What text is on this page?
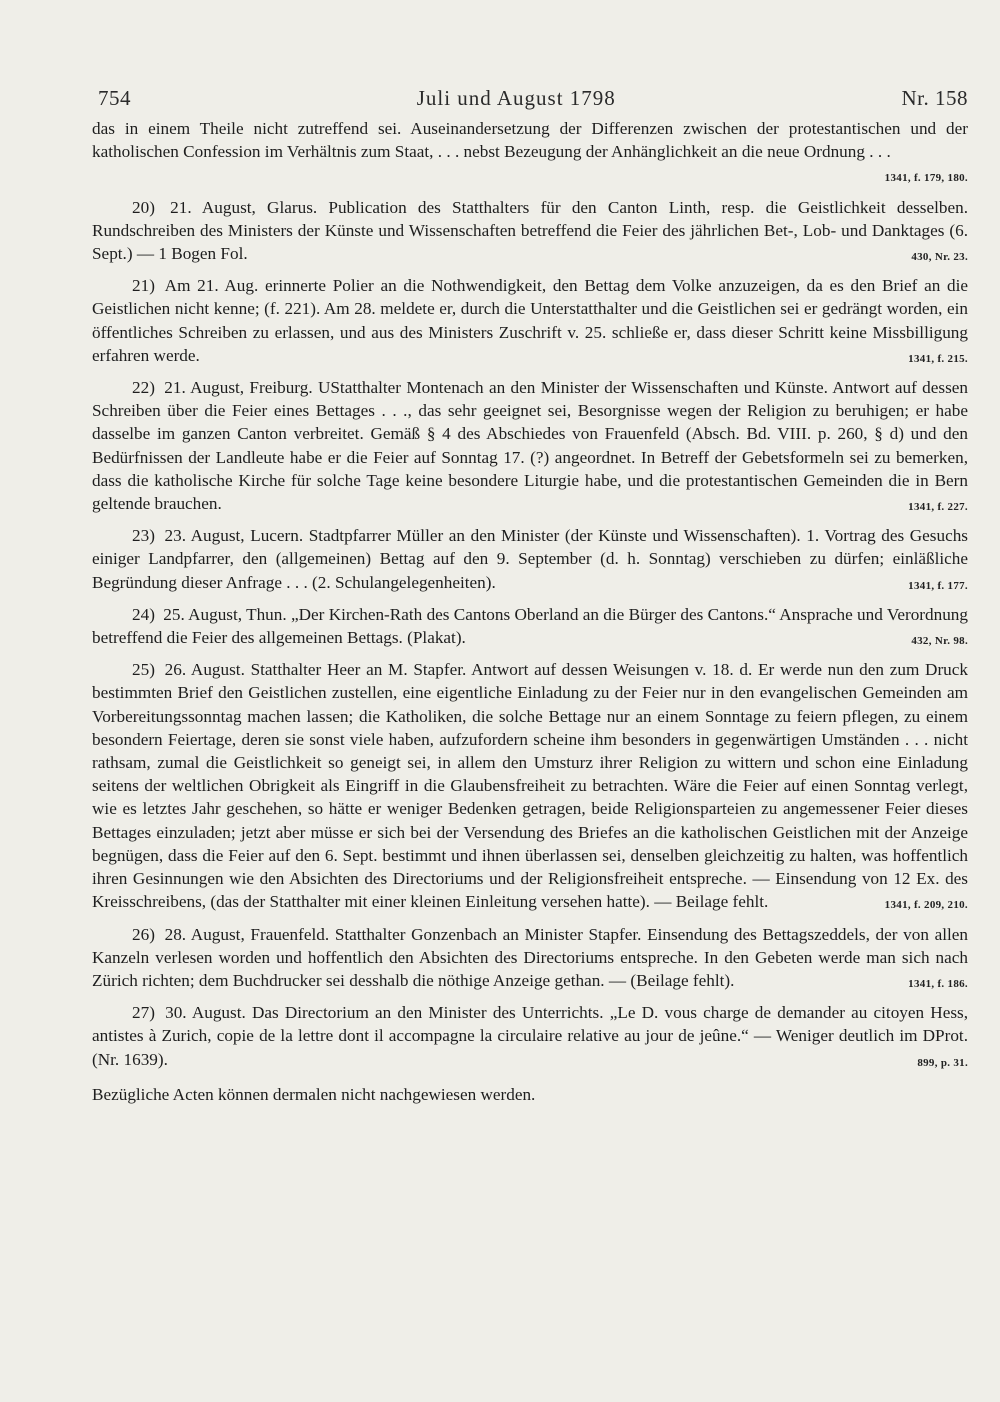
754	Juli und August 1798	Nr. 158
das in einem Theile nicht zutreffend sei. Auseinandersetzung der Differenzen zwischen der protestantischen und der katholischen Confession im Verhältnis zum Staat, . . . nebst Bezeugung der Anhänglichkeit an die neue Ordnung . . .
1341, f. 179, 180.
20) 21. August, Glarus. Publication des Statthalters für den Canton Linth, resp. die Geistlichkeit desselben. Rundschreiben des Ministers der Künste und Wissenschaften betreffend die Feier des jährlichen Bet-, Lob- und Danktages (6. Sept.) — 1 Bogen Fol.	430, Nr. 23.
21) Am 21. Aug. erinnerte Polier an die Nothwendigkeit, den Bettag dem Volke anzuzeigen, da es den Brief an die Geistlichen nicht kenne; (f. 221). Am 28. meldete er, durch die Unterstatthalter und die Geistlichen sei er gedrängt worden, ein öffentliches Schreiben zu erlassen, und aus des Ministers Zuschrift v. 25. schließe er, dass dieser Schritt keine Missbilligung erfahren werde.	1341, f. 215.
22) 21. August, Freiburg. UStatthalter Montenach an den Minister der Wissenschaften und Künste. Antwort auf dessen Schreiben über die Feier eines Bettages . . ., das sehr geeignet sei, Besorgnisse wegen der Religion zu beruhigen; er habe dasselbe im ganzen Canton verbreitet. Gemäß § 4 des Abschiedes von Frauenfeld (Absch. Bd. VIII. p. 260, § d) und den Bedürfnissen der Landleute habe er die Feier auf Sonntag 17. (?) angeordnet. In Betreff der Gebetsformeln sei zu bemerken, dass die katholische Kirche für solche Tage keine besondere Liturgie habe, und die protestantischen Gemeinden die in Bern geltende brauchen.	1341, f. 227.
23) 23. August, Lucern. Stadtpfarrer Müller an den Minister (der Künste und Wissenschaften). 1. Vortrag des Gesuchs einiger Landpfarrer, den (allgemeinen) Bettag auf den 9. September (d. h. Sonntag) verschieben zu dürfen; einläßliche Begründung dieser Anfrage . . . (2. Schulangelegenheiten).	1341, f. 177.
24) 25. August, Thun. „Der Kirchen-Rath des Cantons Oberland an die Bürger des Cantons.“ Ansprache und Verordnung betreffend die Feier des allgemeinen Bettags. (Plakat).	432, Nr. 98.
25) 26. August. Statthalter Heer an M. Stapfer. Antwort auf dessen Weisungen v. 18. d. Er werde nun den zum Druck bestimmten Brief den Geistlichen zustellen, eine eigentliche Einladung zu der Feier nur in den evangelischen Gemeinden am Vorbereitungssonntag machen lassen; die Katholiken, die solche Bettage nur an einem Sonntage zu feiern pflegen, zu einem besondern Feiertage, deren sie sonst viele haben, aufzufordern scheine ihm besonders in gegenwärtigen Umständen . . . nicht rathsam, zumal die Geistlichkeit so geneigt sei, in allem den Umsturz ihrer Religion zu wittern und schon eine Einladung seitens der weltlichen Obrigkeit als Eingriff in die Glaubensfreiheit zu betrachten. Wäre die Feier auf einen Sonntag verlegt, wie es letztes Jahr geschehen, so hätte er weniger Bedenken getragen, beide Religionsparteien zu angemessener Feier dieses Bettages einzuladen; jetzt aber müsse er sich bei der Versendung des Briefes an die katholischen Geistlichen mit der Anzeige begnügen, dass die Feier auf den 6. Sept. bestimmt und ihnen überlassen sei, denselben gleichzeitig zu halten, was hoffentlich ihren Gesinnungen wie den Absichten des Directoriums und der Religionsfreiheit entspreche. — Einsendung von 12 Ex. des Kreisschreibens, (das der Statthalter mit einer kleinen Einleitung versehen hatte). — Beilage fehlt.	1341, f. 209, 210.
26) 28. August, Frauenfeld. Statthalter Gonzenbach an Minister Stapfer. Einsendung des Bettagszeddels, der von allen Kanzeln verlesen worden und hoffentlich den Absichten des Directoriums entspreche. In den Gebeten werde man sich nach Zürich richten; dem Buchdrucker sei desshalb die nöthige Anzeige gethan. — (Beilage fehlt).	1341, f. 186.
27) 30. August. Das Directorium an den Minister des Unterrichts. „Le D. vous charge de demander au citoyen Hess, antistes à Zurich, copie de la lettre dont il accompagne la circulaire relative au jour de jeûne.“ — Weniger deutlich im DProt. (Nr. 1639).	899, p. 31.
Bezügliche Acten können dermalen nicht nachgewiesen werden.
